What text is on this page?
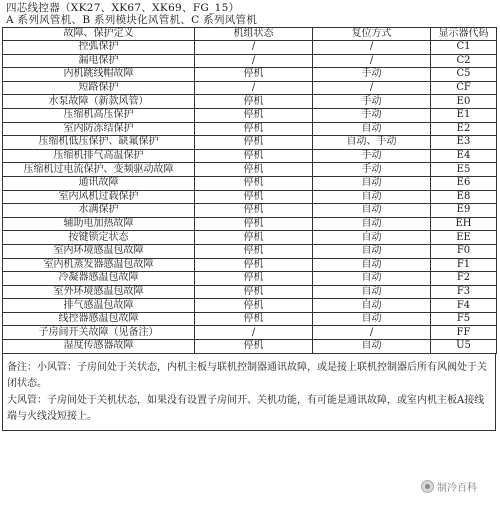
四芯线控器（XK27、XK67、XK69、FG_15）
A 系列风管机、B 系列模块化风管机、C 系列风管机
故障、保护定义	机组状态	复位方式	显示器代码
控弧保护	/	/	C1
漏电保护	/	/	C2
内机跳线帽故障	停机	手动	C5
短路保护	/	/	CF
水泵故障（新款风管）	停机	手动	E0
压缩机高压保护	停机	手动	E1
室内防冻结保护	停机	自动	E2
压缩机低压保护、缺氟保护	停机	自动、手动	E3
压缩机排气高温保护	停机	手动	E4
压缩机过电流保护、变频驱动故障	停机	手动	E5
通讯故障	停机	自动	E6
室内风机过载保护	停机	自动	E8
水满保护	停机	自动	E9
辅助电加热故障	停机	自动	EH
按键锁定状态	停机	自动	EE
室内环境感温包故障	停机	自动	F0
室内机蒸发器感温包故障	停机	自动	F1
冷凝器感温包故障	停机	自动	F2
室外环境感温包故障	停机	自动	F3
排气感温包故障	停机	自动	F4
线控器感温包故障	停机	自动	F5
子房间开关故障（见备注）	/	/	FF
湿度传感器故障	停机	自动	U5

备注：小风管：子房间处于关状态，内机主板与联机控制器通讯故障，或是接上联机控制器后所有风阀处于关闭状态。

大风管：子房间处于关机状态，如果没有设置子房间开、关机功能，有可能是通讯故障，或室内机主板A接线端与火线没短接上。

制冷百科
